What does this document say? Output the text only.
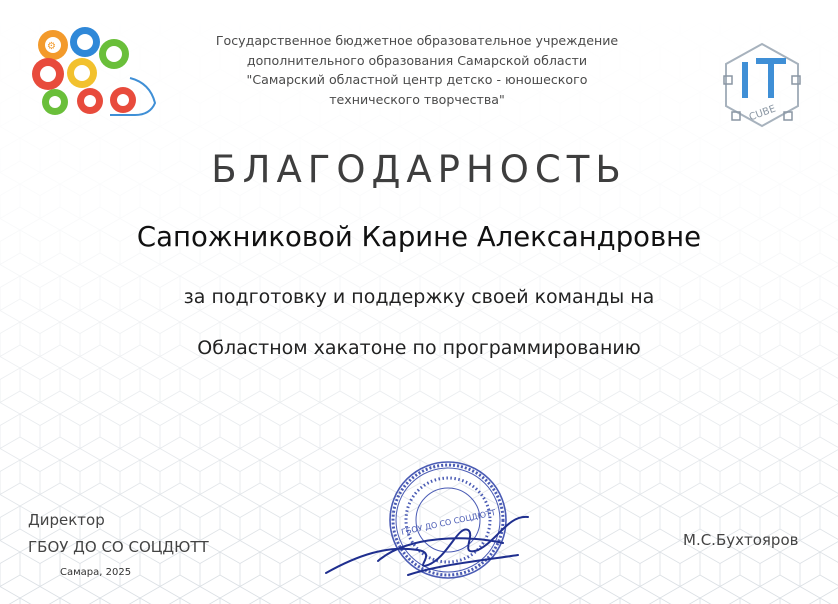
⚙
CUBE
Государственное бюджетное образовательное учреждение
дополнительного образования Самарской области
"Самарский областной центр детско - юношеского
технического творчества"
БЛАГОДАРНОСТЬ
Сапожниковой Карине Александровне
за подготовку и поддержку своей команды на
Областном хакатоне по программированию
ГБОУ ДО СО СОЦДЮТТ
Директор
ГБОУ ДО СО СОЦДЮТТ
Самара, 2025
М.С.Бухтояров
